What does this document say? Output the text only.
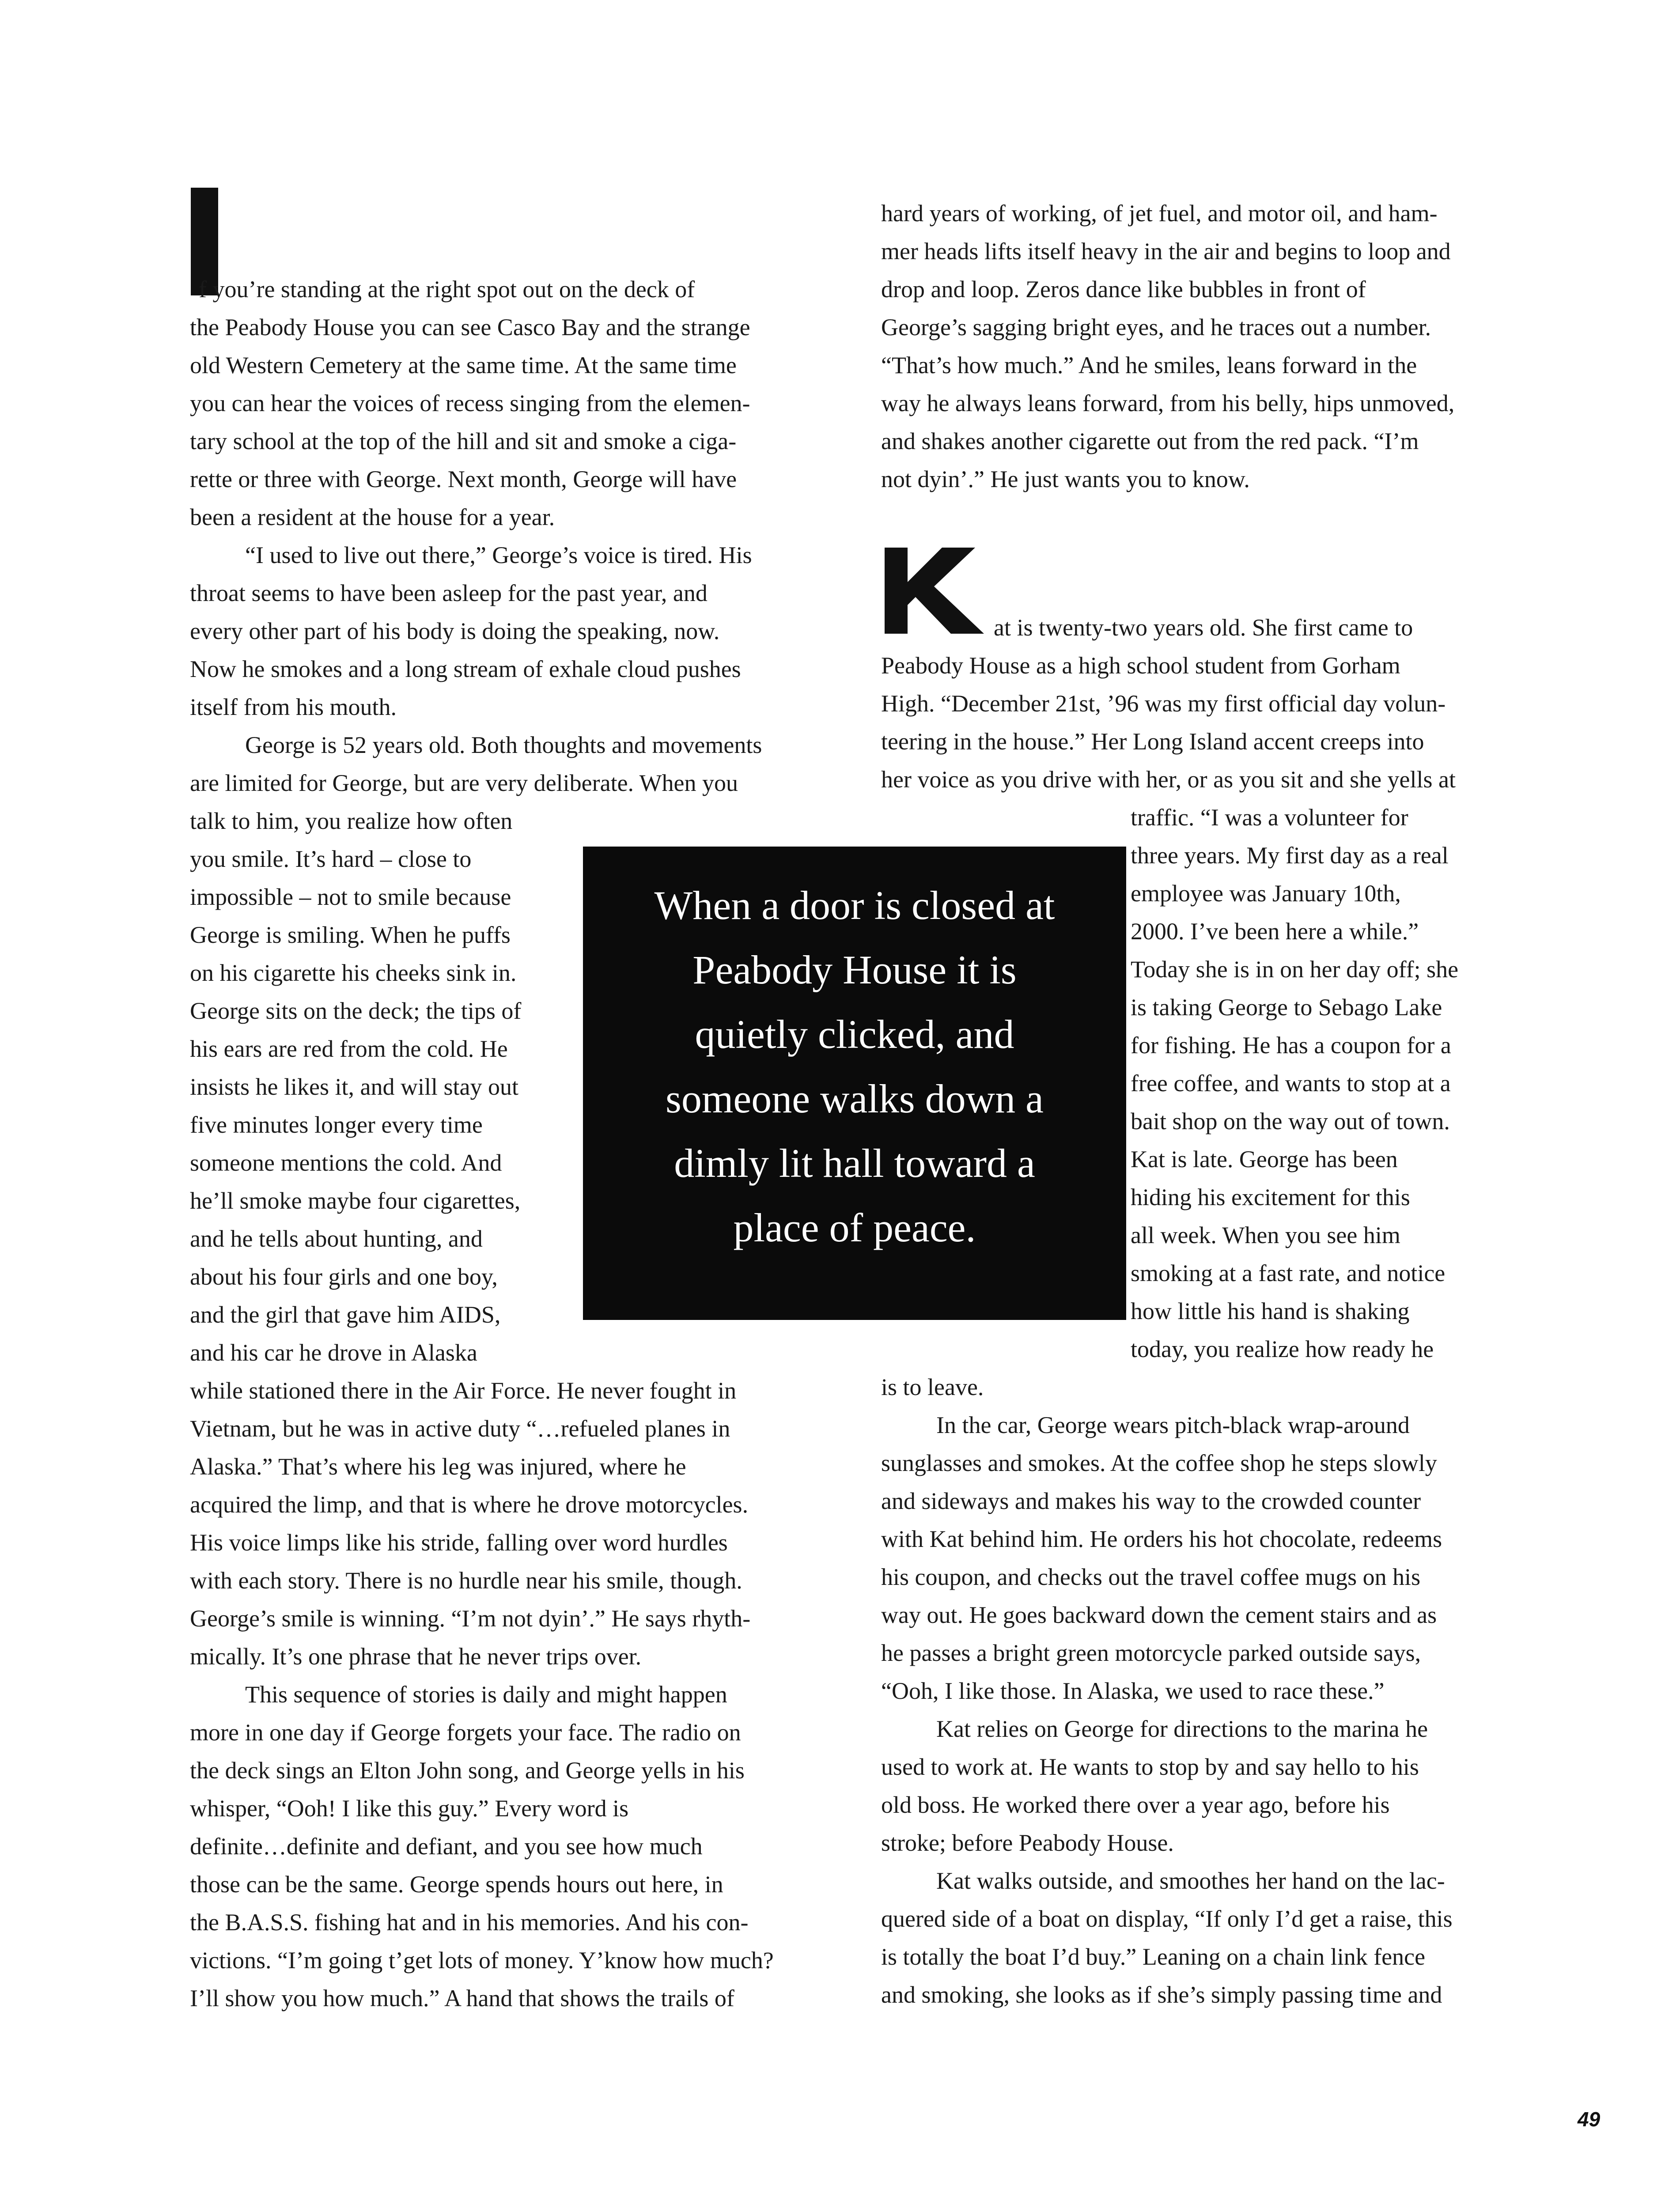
f you’re standing at the right spot out on the deck of
the Peabody House you can see Casco Bay and the strange
old Western Cemetery at the same time. At the same time
you can hear the voices of recess singing from the elemen-
tary school at the top of the hill and sit and smoke a ciga-
rette or three with George. Next month, George will have
been a resident at the house for a year.
“I used to live out there,” George’s voice is tired. His
throat seems to have been asleep for the past year, and
every other part of his body is doing the speaking, now.
Now he smokes and a long stream of exhale cloud pushes
itself from his mouth.
George is 52 years old. Both thoughts and movements
are limited for George, but are very deliberate. When you
talk to him, you realize how often
you smile. It’s hard – close to
impossible – not to smile because
George is smiling. When he puffs
on his cigarette his cheeks sink in.
George sits on the deck; the tips of
his ears are red from the cold. He
insists he likes it, and will stay out
five minutes longer every time
someone mentions the cold. And
he’ll smoke maybe four cigarettes,
and he tells about hunting, and
about his four girls and one boy,
and the girl that gave him AIDS,
and his car he drove in Alaska
while stationed there in the Air Force. He never fought in
Vietnam, but he was in active duty “…refueled planes in
Alaska.” That’s where his leg was injured, where he
acquired the limp, and that is where he drove motorcycles.
His voice limps like his stride, falling over word hurdles
with each story. There is no hurdle near his smile, though.
George’s smile is winning. “I’m not dyin’.” He says rhyth-
mically. It’s one phrase that he never trips over.
This sequence of stories is daily and might happen
more in one day if George forgets your face. The radio on
the deck sings an Elton John song, and George yells in his
whisper, “Ooh! I like this guy.” Every word is
definite…definite and defiant, and you see how much
those can be the same. George spends hours out here, in
the B.A.S.S. fishing hat and in his memories. And his con-
victions. “I’m going t’get lots of money. Y’know how much?
I’ll show you how much.” A hand that shows the trails of
hard years of working, of jet fuel, and motor oil, and ham-
mer heads lifts itself heavy in the air and begins to loop and
drop and loop. Zeros dance like bubbles in front of
George’s sagging bright eyes, and he traces out a number.
“That’s how much.” And he smiles, leans forward in the
way he always leans forward, from his belly, hips unmoved,
and shakes another cigarette out from the red pack. “I’m
not dyin’.” He just wants you to know.
at is twenty-two years old. She first came to
Peabody House as a high school student from Gorham
High. “December 21st, ’96 was my first official day volun-
teering in the house.” Her Long Island accent creeps into
her voice as you drive with her, or as you sit and she yells at
traffic. “I was a volunteer for
three years. My first day as a real
employee was January 10th,
2000. I’ve been here a while.”
Today she is in on her day off; she
is taking George to Sebago Lake
for fishing. He has a coupon for a
free coffee, and wants to stop at a
bait shop on the way out of town.
Kat is late. George has been
hiding his excitement for this
all week. When you see him
smoking at a fast rate, and notice
how little his hand is shaking
today, you realize how ready he
is to leave.
In the car, George wears pitch-black wrap-around
sunglasses and smokes. At the coffee shop he steps slowly
and sideways and makes his way to the crowded counter
with Kat behind him. He orders his hot chocolate, redeems
his coupon, and checks out the travel coffee mugs on his
way out. He goes backward down the cement stairs and as
he passes a bright green motorcycle parked outside says,
“Ooh, I like those. In Alaska, we used to race these.”
Kat relies on George for directions to the marina he
used to work at. He wants to stop by and say hello to his
old boss. He worked there over a year ago, before his
stroke; before Peabody House.
Kat walks outside, and smoothes her hand on the lac-
quered side of a boat on display, “If only I’d get a raise, this
is totally the boat I’d buy.” Leaning on a chain link fence
and smoking, she looks as if she’s simply passing time and
When a door is closed at
Peabody House it is
quietly clicked, and
someone walks down a
dimly lit hall toward a
place of peace.
49
